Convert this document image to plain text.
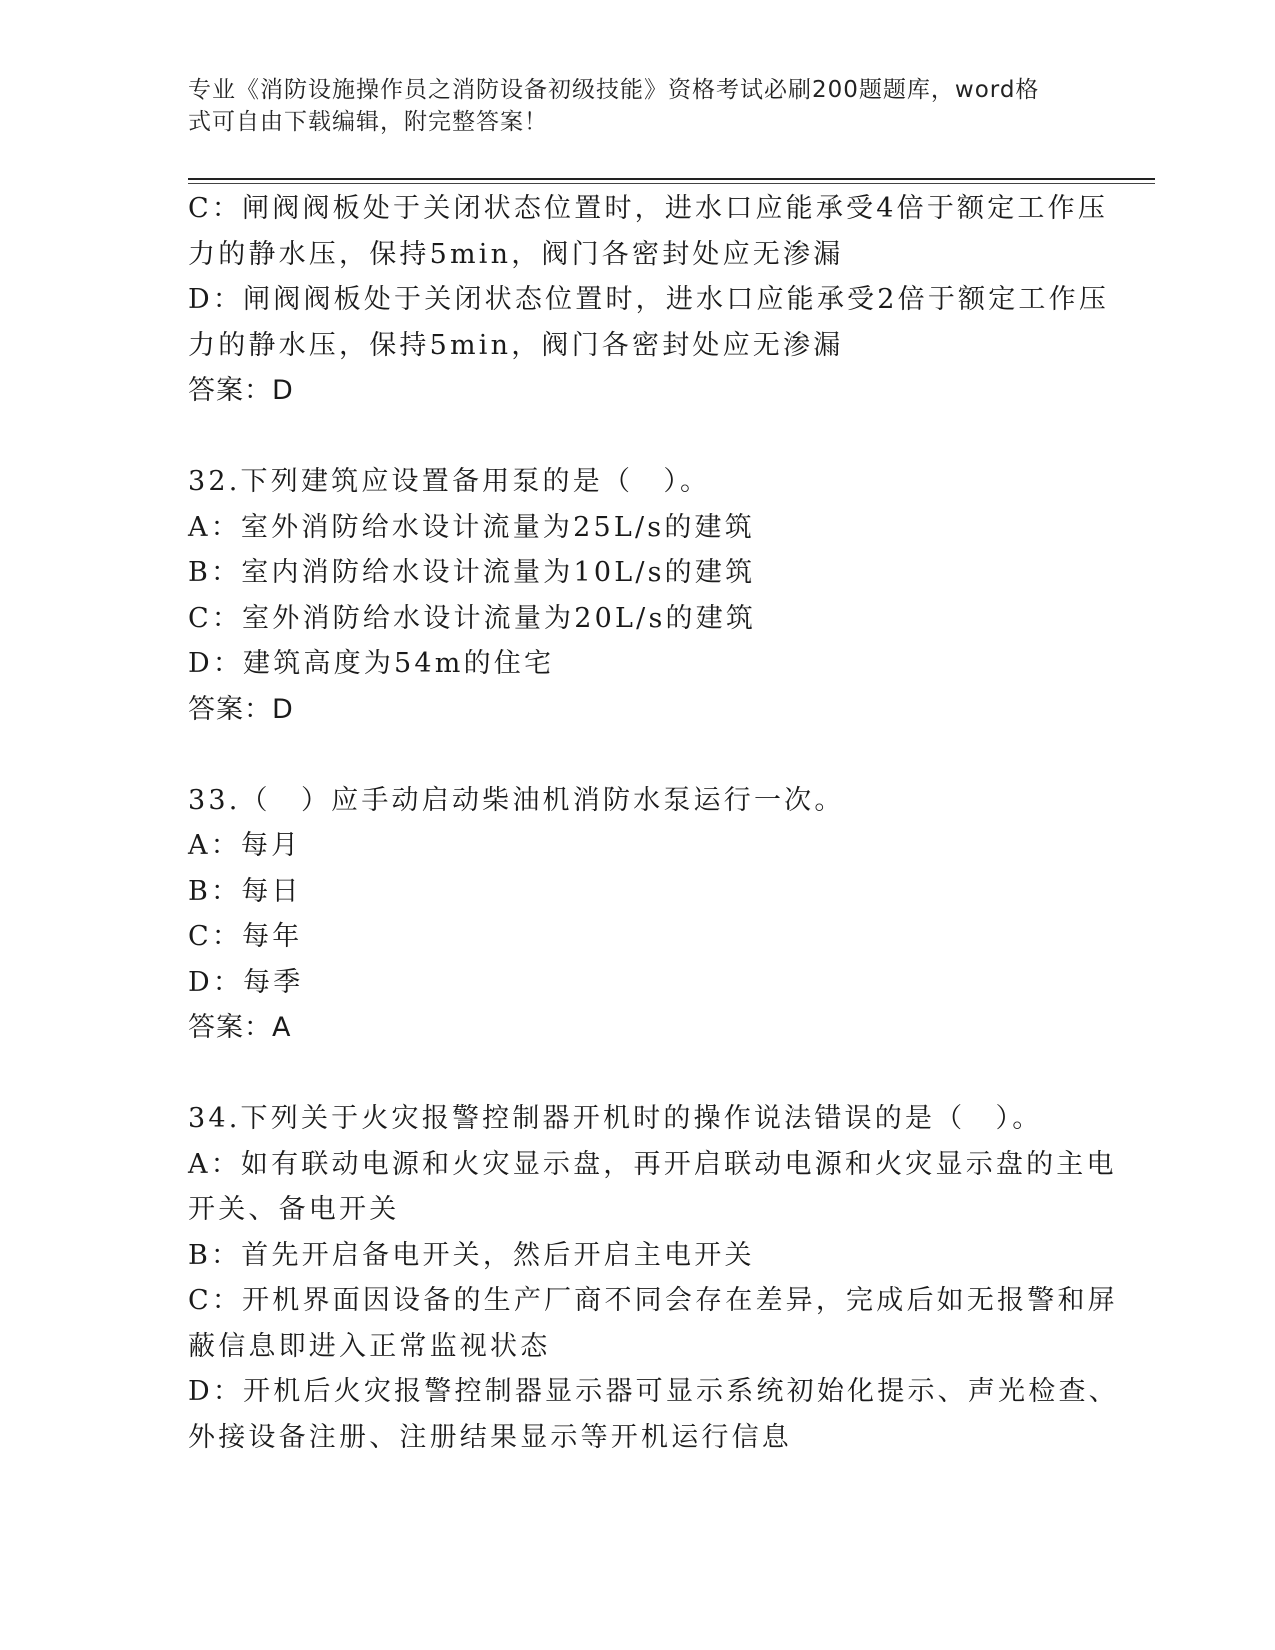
专业《消防设施操作员之消防设备初级技能》资格考试必刷200题题库，word格
式可自由下载编辑，附完整答案！
C：闸阀阀板处于关闭状态位置时，进水口应能承受4倍于额定工作压
力的静水压，保持5min，阀门各密封处应无渗漏
D：闸阀阀板处于关闭状态位置时，进水口应能承受2倍于额定工作压
力的静水压，保持5min，阀门各密封处应无渗漏
答案：D
32.下列建筑应设置备用泵的是（　）。
A：室外消防给水设计流量为25L/s的建筑
B：室内消防给水设计流量为10L/s的建筑
C：室外消防给水设计流量为20L/s的建筑
D：建筑高度为54m的住宅
答案：D
33.（　）应手动启动柴油机消防水泵运行一次。
A：每月
B：每日
C：每年
D：每季
答案：A
34.下列关于火灾报警控制器开机时的操作说法错误的是（　）。
A：如有联动电源和火灾显示盘，再开启联动电源和火灾显示盘的主电
开关、备电开关
B：首先开启备电开关，然后开启主电开关
C：开机界面因设备的生产厂商不同会存在差异，完成后如无报警和屏
蔽信息即进入正常监视状态
D：开机后火灾报警控制器显示器可显示系统初始化提示、声光检查、
外接设备注册、注册结果显示等开机运行信息
